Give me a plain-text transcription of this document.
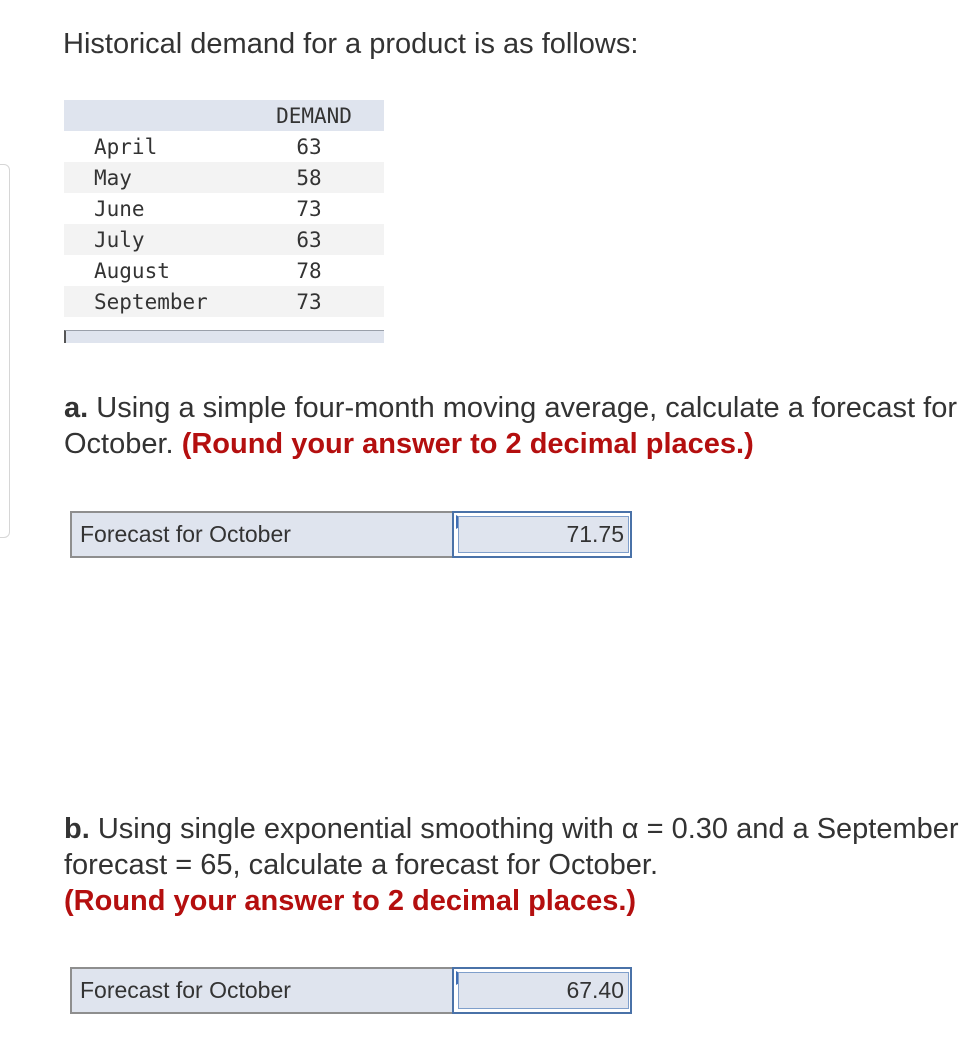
Historical demand for a product is as follows:

	DEMAND
April	63
May	58
June	73
July	63
August	78
September	73

a. Using a simple four-month moving average, calculate a forecast for October. (Round your answer to 2 decimal places.)

Forecast for October
71.75

b. Using single exponential smoothing with α = 0.30 and a September forecast = 65, calculate a forecast for October.
(Round your answer to 2 decimal places.)

Forecast for October
67.40
